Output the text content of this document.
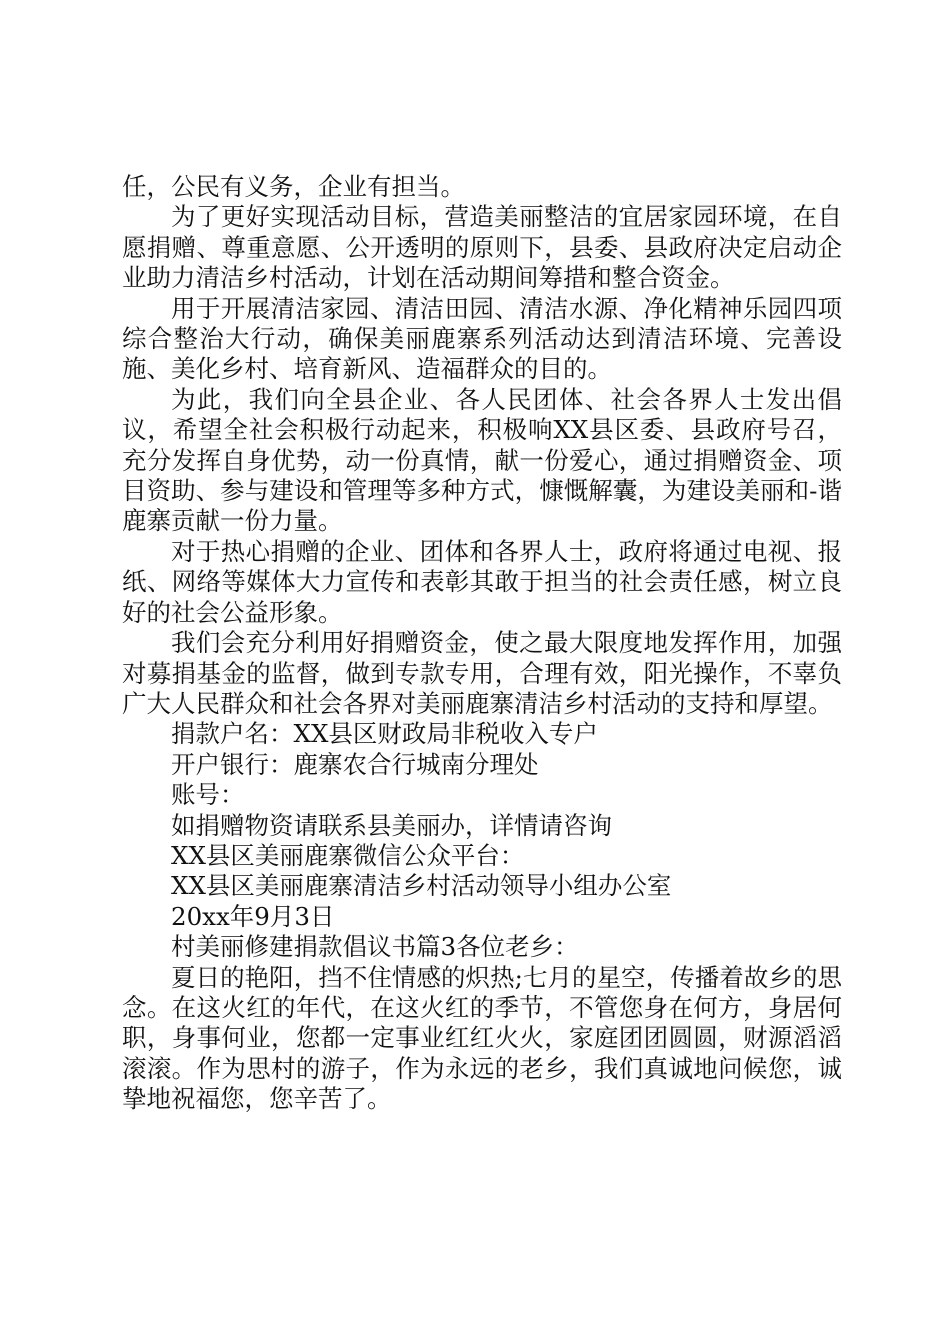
任，公民有义务，企业有担当。

为了更好实现活动目标，营造美丽整洁的宜居家园环境，在自愿捐赠、尊重意愿、公开透明的原则下，县委、县政府决定启动企业助力清洁乡村活动，计划在活动期间筹措和整合资金。

用于开展清洁家园、清洁田园、清洁水源、净化精神乐园四项综合整治大行动，确保美丽鹿寨系列活动达到清洁环境、完善设施、美化乡村、培育新风、造福群众的目的。

为此，我们向全县企业、各人民团体、社会各界人士发出倡议，希望全社会积极行动起来，积极响XX县区委、县政府号召，充分发挥自身优势，动一份真情，献一份爱心，通过捐赠资金、项目资助、参与建设和管理等多种方式，慷慨解囊，为建设美丽和-谐鹿寨贡献一份力量。

对于热心捐赠的企业、团体和各界人士，政府将通过电视、报纸、网络等媒体大力宣传和表彰其敢于担当的社会责任感，树立良好的社会公益形象。

我们会充分利用好捐赠资金，使之最大限度地发挥作用，加强对募捐基金的监督，做到专款专用，合理有效，阳光操作，不辜负广大人民群众和社会各界对美丽鹿寨清洁乡村活动的支持和厚望。

捐款户名：XX县区财政局非税收入专户
开户银行：鹿寨农合行城南分理处
账号：
如捐赠物资请联系县美丽办，详情请咨询
XX县区美丽鹿寨微信公众平台：
XX县区美丽鹿寨清洁乡村活动领导小组办公室
20xx年9月3日
村美丽修建捐款倡议书篇3各位老乡：

夏日的艳阳，挡不住情感的炽热;七月的星空，传播着故乡的思念。在这火红的年代，在这火红的季节，不管您身在何方，身居何职，身事何业，您都一定事业红红火火，家庭团团圆圆，财源滔滔滚滚。作为思村的游子，作为永远的老乡，我们真诚地问候您，诚挚地祝福您，您辛苦了。
